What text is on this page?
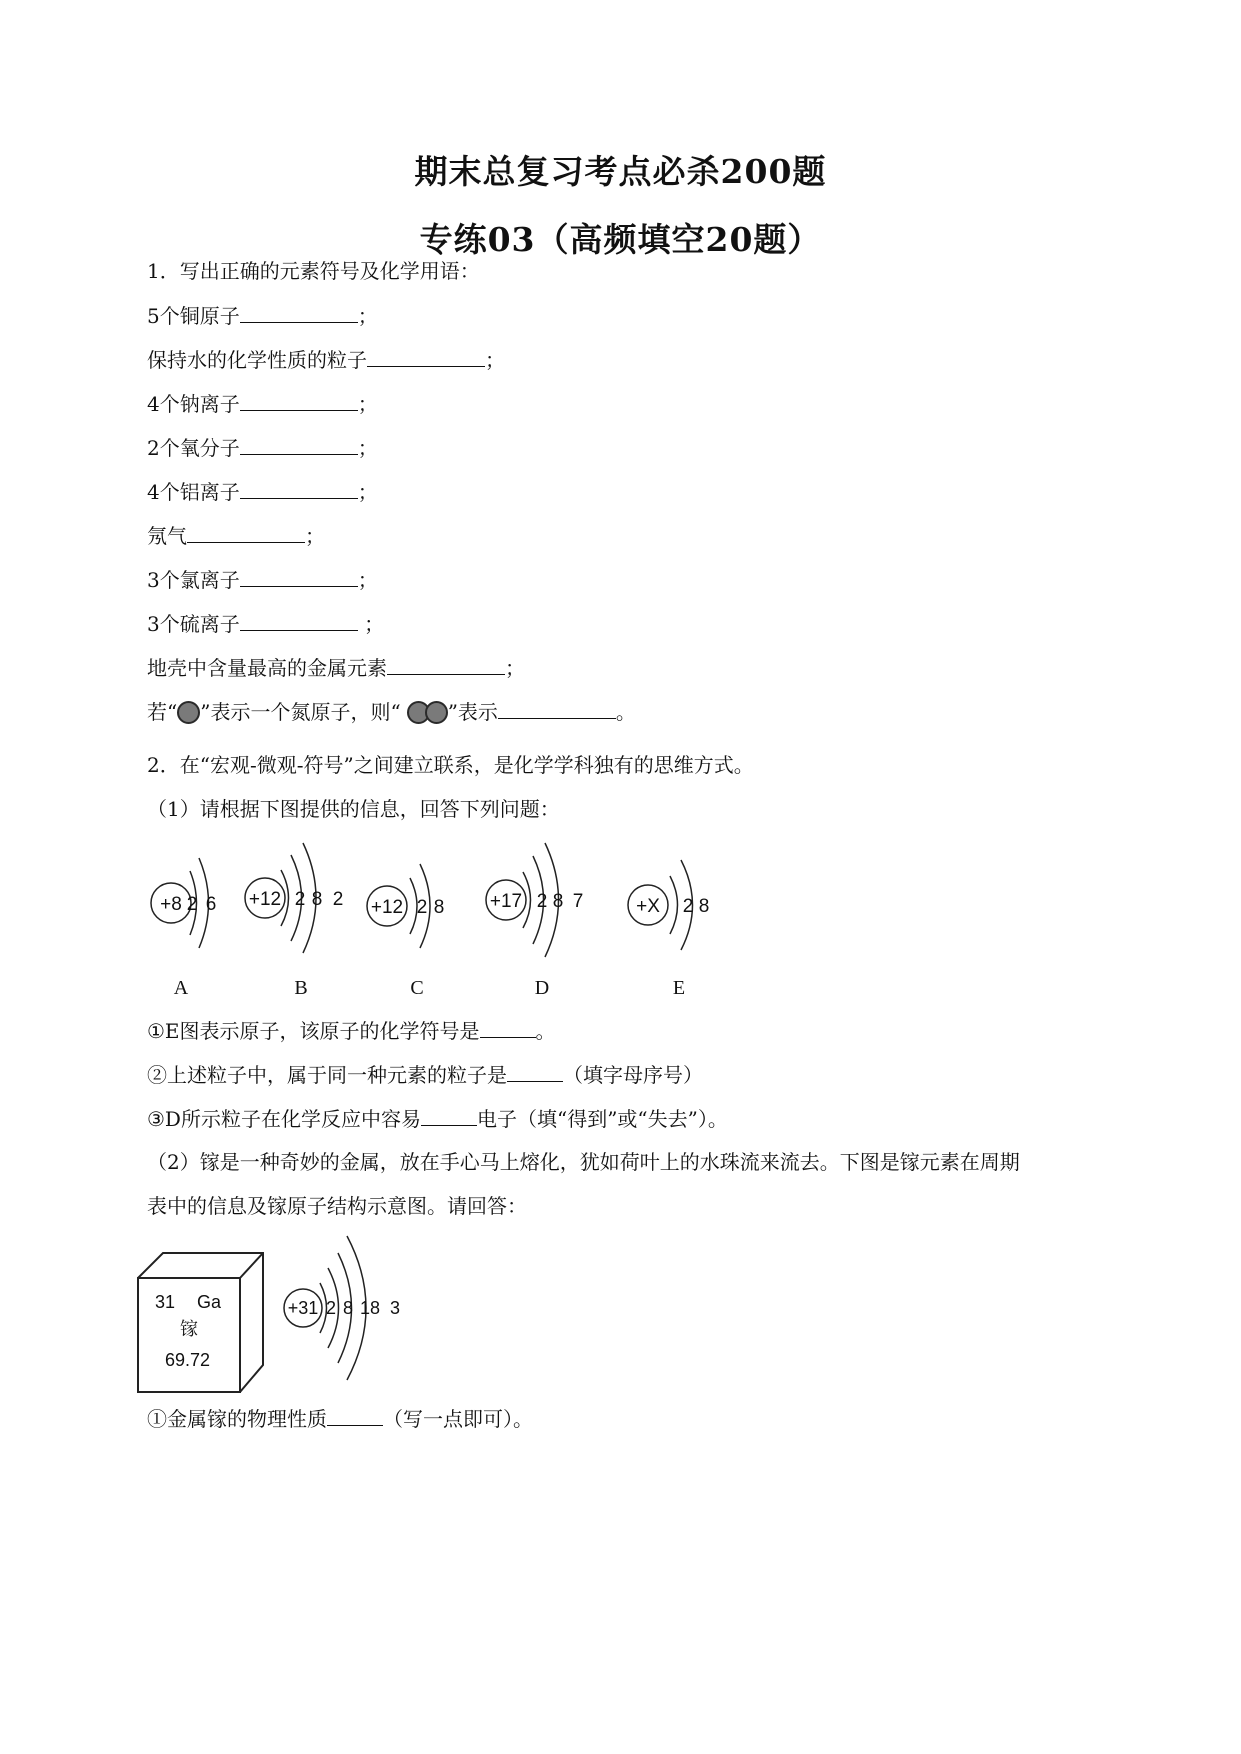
期末总复习考点必杀200题
专练03（高频填空20题）
1．写出正确的元素符号及化学用语：
5个铜原子	；
保持水的化学性质的粒子	；
4个钠离子	；
2个氧分子	；
4个铝离子	；
氖气	；
3个氯离子	；
3个硫离子	；
地壳中含量最高的金属元素	；
若“ ”表示一个氮原子，则“ ”表示	。
2．在“宏观-微观-符号”之间建立联系，是化学学科独有的思维方式。
（1）请根据下图提供的信息，回答下列问题：
+8 2 6 +12 2 8 2 +12 2 8 +17 2 8 7	+X 2 8
A	B	C	D	E
①E图表示原子，该原子的化学符号是	。
②上述粒子中，属于同一种元素的粒子是	（填字母序号）
③D所示粒子在化学反应中容易	电子（填“得到”或“失去”）。
（2）镓是一种奇妙的金属，放在手心马上熔化，犹如荷叶上的水珠流来流去。下图是镓元素在周期
表中的信息及镓原子结构示意图。请回答：
31 Ga
镓
69.72
+31 2 8 18 3
①金属镓的物理性质	（写一点即可）。
